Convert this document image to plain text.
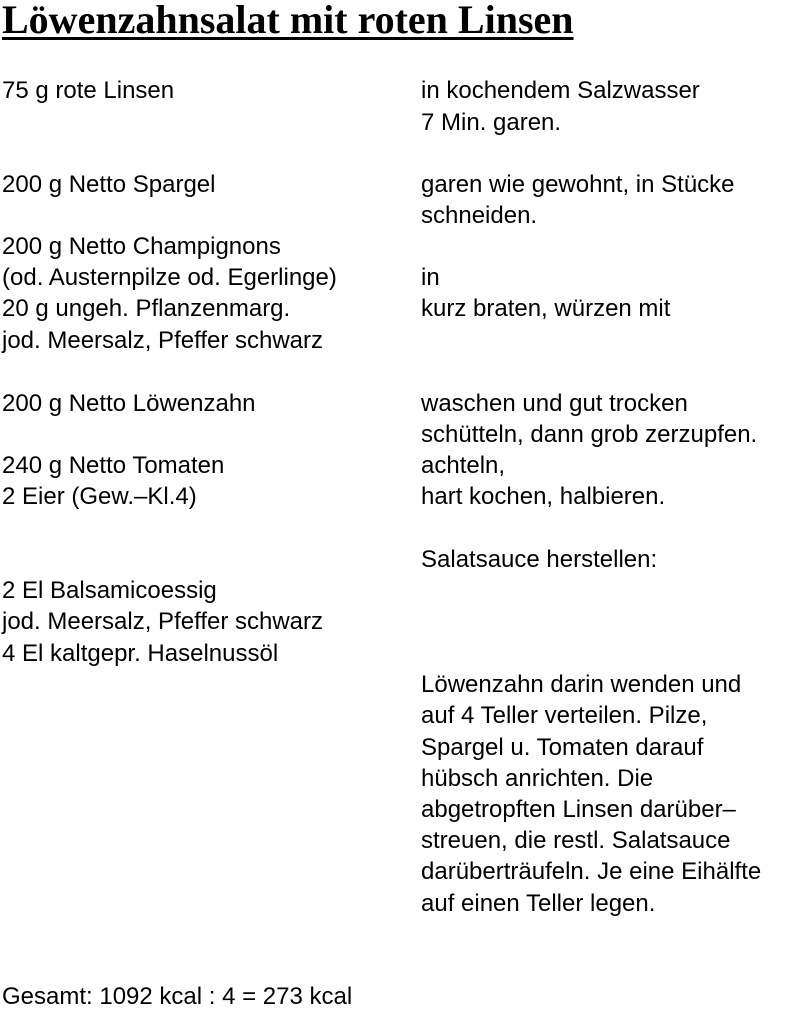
Löwenzahnsalat mit roten Linsen
75 g rote Linsen
200 g Netto Spargel
200 g Netto Champignons
(od. Austernpilze od. Egerlinge)
20 g ungeh. Pflanzenmarg.
jod. Meersalz, Pfeffer schwarz
200 g Netto Löwenzahn
240 g Netto Tomaten
2 Eier (Gew.–Kl.4)
2 El Balsamicoessig
jod. Meersalz, Pfeffer schwarz
4 El kaltgepr. Haselnussöl
in kochendem Salzwasser
7 Min. garen.
garen wie gewohnt, in Stücke
schneiden.
in
kurz braten, würzen mit
waschen und gut trocken
schütteln, dann grob zerzupfen.
achteln,
hart kochen, halbieren.
Salatsauce herstellen:
Löwenzahn darin wenden und
auf 4 Teller verteilen. Pilze,
Spargel u. Tomaten darauf
hübsch anrichten. Die
abgetropften Linsen darüber–
streuen, die restl. Salatsauce
darüberträufeln. Je eine Eihälfte
auf einen Teller legen.
Gesamt: 1092 kcal : 4 = 273 kcal
